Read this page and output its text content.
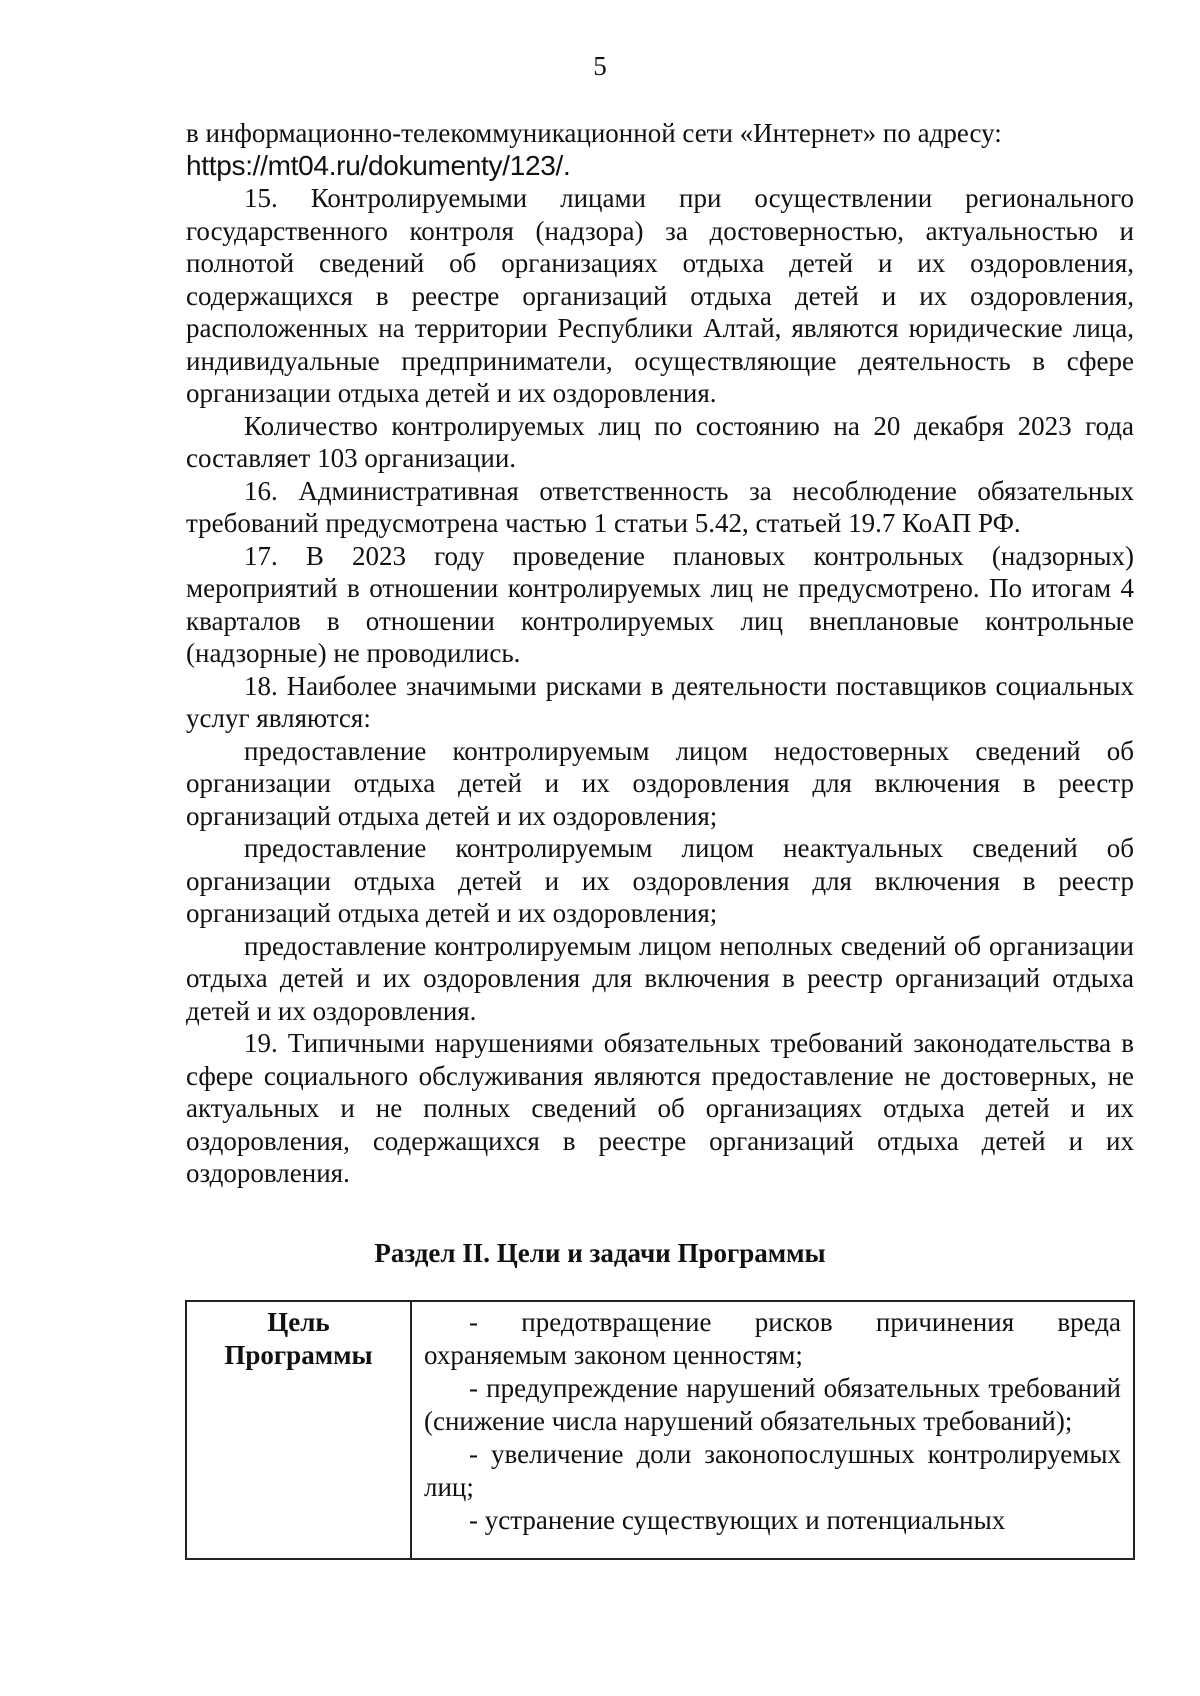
5

в информационно-телекоммуникационной сети «Интернет» по адресу:

https://mt04.ru/dokumenty/123/.

15. Контролируемыми лицами при осуществлении регионального государственного контроля (надзора) за достоверностью, актуальностью и полнотой сведений об организациях отдыха детей и их оздоровления, содержащихся в реестре организаций отдыха детей и их оздоровления, расположенных на территории Республики Алтай, являются юридические лица, индивидуальные предприниматели, осуществляющие деятельность в сфере организации отдыха детей и их оздоровления.

Количество контролируемых лиц по состоянию на 20 декабря 2023 года составляет 103 организации.

16. Административная ответственность за несоблюдение обязательных требований предусмотрена частью 1 статьи 5.42, статьей 19.7 КоАП РФ.

17. В 2023 году проведение плановых контрольных (надзорных) мероприятий в отношении контролируемых лиц не предусмотрено. По итогам 4 кварталов в отношении контролируемых лиц внеплановые контрольные (надзорные) не проводились.

18. Наиболее значимыми рисками в деятельности поставщиков социальных услуг являются:

предоставление контролируемым лицом недостоверных сведений об организации отдыха детей и их оздоровления для включения в реестр организаций отдыха детей и их оздоровления;

предоставление контролируемым лицом неактуальных сведений об организации отдыха детей и их оздоровления для включения в реестр организаций отдыха детей и их оздоровления;

предоставление контролируемым лицом неполных сведений об организации отдыха детей и их оздоровления для включения в реестр организаций отдыха детей и их оздоровления.

19. Типичными нарушениями обязательных требований законодательства в сфере социального обслуживания являются предоставление не достоверных, не актуальных и не полных сведений об организациях отдыха детей и их оздоровления, содержащихся в реестре организаций отдыха детей и их оздоровления.

Раздел II. Цели и задачи Программы
Цель
Программы

- предотвращение рисков причинения вреда охраняемым законом ценностям;

- предупреждение нарушений обязательных требований (снижение числа нарушений обязательных требований);

- увеличение доли законопослушных контролируемых лиц;

- устранение существующих и потенциальных
